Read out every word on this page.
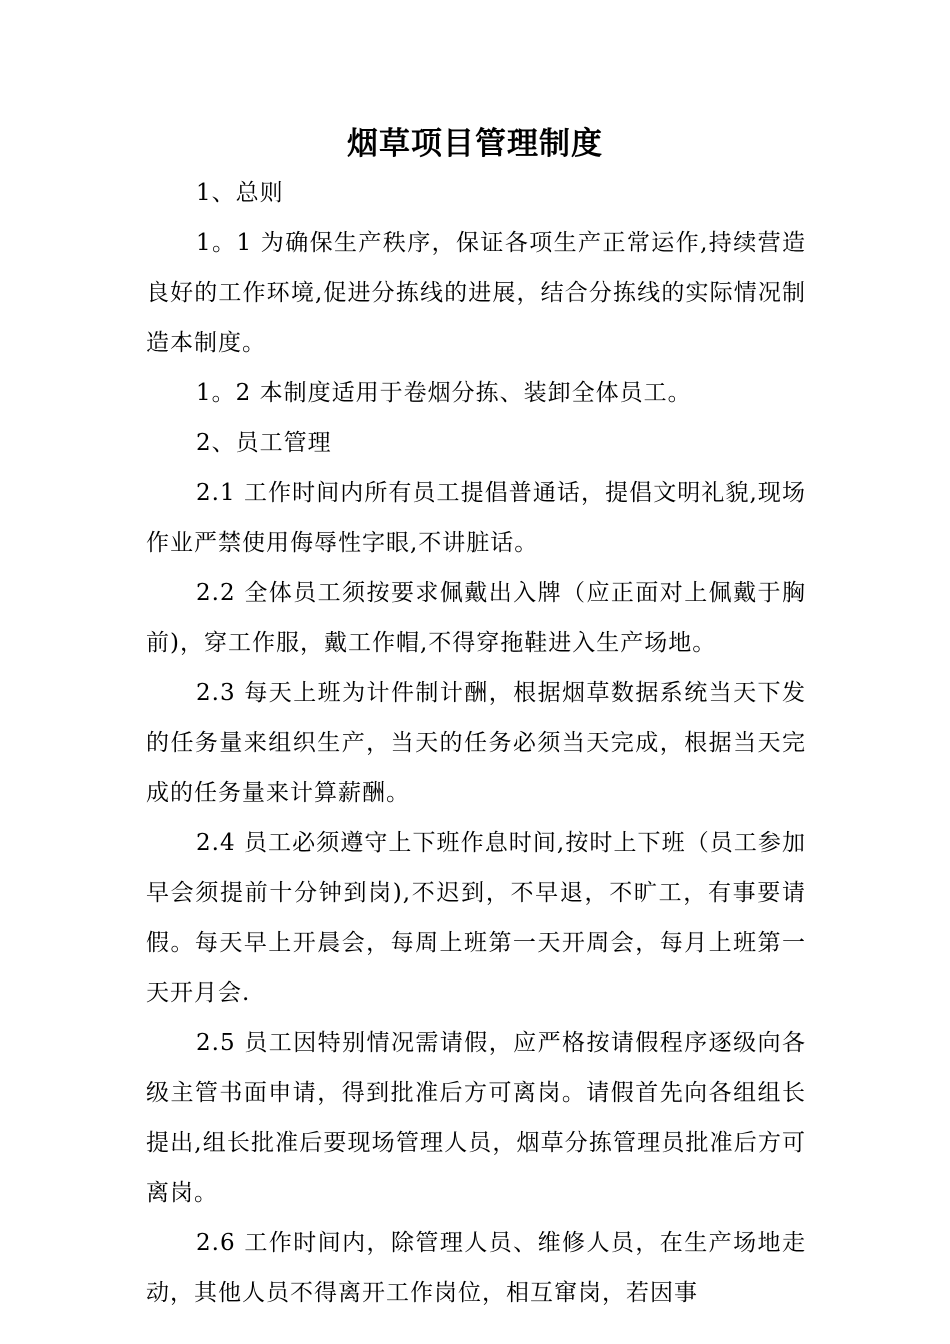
烟草项目管理制度

1、总则

1。1 为确保生产秩序，保证各项生产正常运作,持续营造良好的工作环境,促进分拣线的进展，结合分拣线的实际情况制造本制度。

1。2 本制度适用于卷烟分拣、装卸全体员工。

2、员工管理

2.1 工作时间内所有员工提倡普通话，提倡文明礼貌,现场作业严禁使用侮辱性字眼,不讲脏话。

2.2 全体员工须按要求佩戴出入牌（应正面对上佩戴于胸前)，穿工作服，戴工作帽,不得穿拖鞋进入生产场地。

2.3 每天上班为计件制计酬，根据烟草数据系统当天下发的任务量来组织生产，当天的任务必须当天完成，根据当天完成的任务量来计算薪酬。

2.4 员工必须遵守上下班作息时间,按时上下班（员工参加早会须提前十分钟到岗),不迟到，不早退，不旷工，有事要请假。每天早上开晨会，每周上班第一天开周会，每月上班第一天开月会.

2.5 员工因特别情况需请假，应严格按请假程序逐级向各级主管书面申请，得到批准后方可离岗。请假首先向各组组长提出,组长批准后要现场管理人员，烟草分拣管理员批准后方可离岗。

2.6 工作时间内，除管理人员、维修人员，在生产场地走动，其他人员不得离开工作岗位，相互窜岗，若因事
